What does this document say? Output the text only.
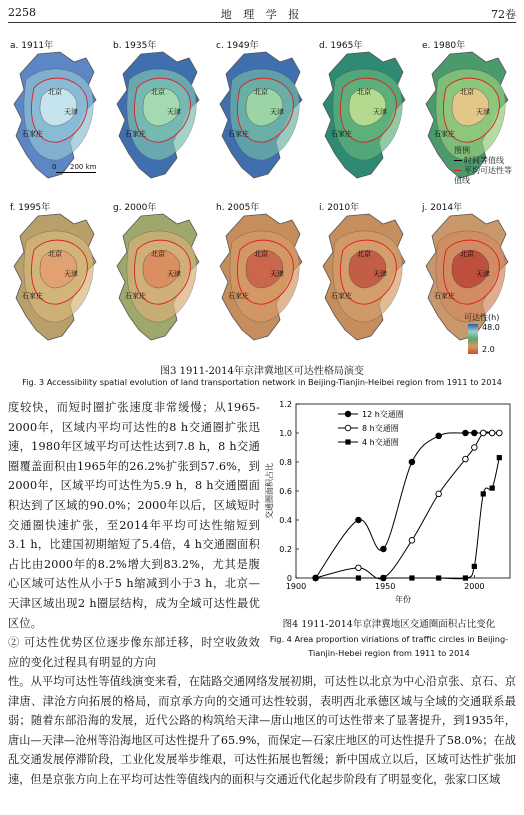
2258	地 理 学 报	72卷
a. 1911年
北京
天津
石家庄
b. 1935年
北京
天津
石家庄
c. 1949年
北京
天津
石家庄
d. 1965年
北京
天津
石家庄
e. 1980年
北京
天津
石家庄
f. 1995年
北京
天津
石家庄
g. 2000年
北京
天津
石家庄
h. 2005年
北京
天津
石家庄
i. 2010年
北京
天津
石家庄
j. 2014年
北京
天津
石家庄
0 200 km
图例
时间等值线
平均可达性等值线
可达性(h)
48.0
2.0
图3 1911-2014年京津冀地区可达性格局演变
Fig. 3 Accessibility spatial evolution of land transportation network in Beijing-Tianjin-Heibei region from 1911 to 2014

度较快，而短时圈扩张速度非常缓慢；从1965-2000年，区域内平均可达性的8 h交通圈扩张迅速，1980年区域平均可达性达到7.8 h，8 h交通圈覆盖面积由1965年的26.2%扩张到57.6%，到2000年，区域平均可达性为5.9 h，8 h交通圈面积达到了区域的90.0%；2000年以后，区域短时交通圈快速扩张，至2014年平均可达性缩短到3.1 h，比建国初期缩短了5.4倍，4 h交通圈面积占比由2000年的8.2%增大到83.2%，尤其是腹心区域可达性从小于5 h缩减到小于3 h，北京—天津区域出现2 h圈层结构，成为全域可达性最优区位。

② 可达性优势区位逐步像东部迁移，时空收敛效应的变化过程具有明显的方向

0
0.2
0.4
0.6
0.8
1.0
1.2
1900	1950	2000
年份
交通圈面积占比
12 h交通圈
8 h交通圈
4 h交通圈
图4 1911-2014年京津冀地区交通圈面积占比变化
Fig. 4 Area proportion viriations of traffic circles in Beijing-
Tianjin-Hebei region from 1911 to 2014

性。从平均可达性等值线演变来看，在陆路交通网络发展初期，可达性以北京为中心沿京张、京石、京津唐、津沧方向拓展的格局，而京承方向的交通可达性较弱，表明西北承德区域与全域的交通联系最弱；随着东部沿海的发展，近代公路的构筑给天津—唐山地区的可达性带来了显著提升，到1935年，唐山—天津—沧州等沿海地区可达性提升了65.9%，而保定—石家庄地区的可达性提升了58.0%；在战乱交通发展停滞阶段，工业化发展举步维艰，可达性拓展也暂缓；新中国成立以后，区域可达性扩张加速，但是京张方向上在平均可达性等值线内的面积与交通近代化起步阶段有了明显变化，张家口区域
